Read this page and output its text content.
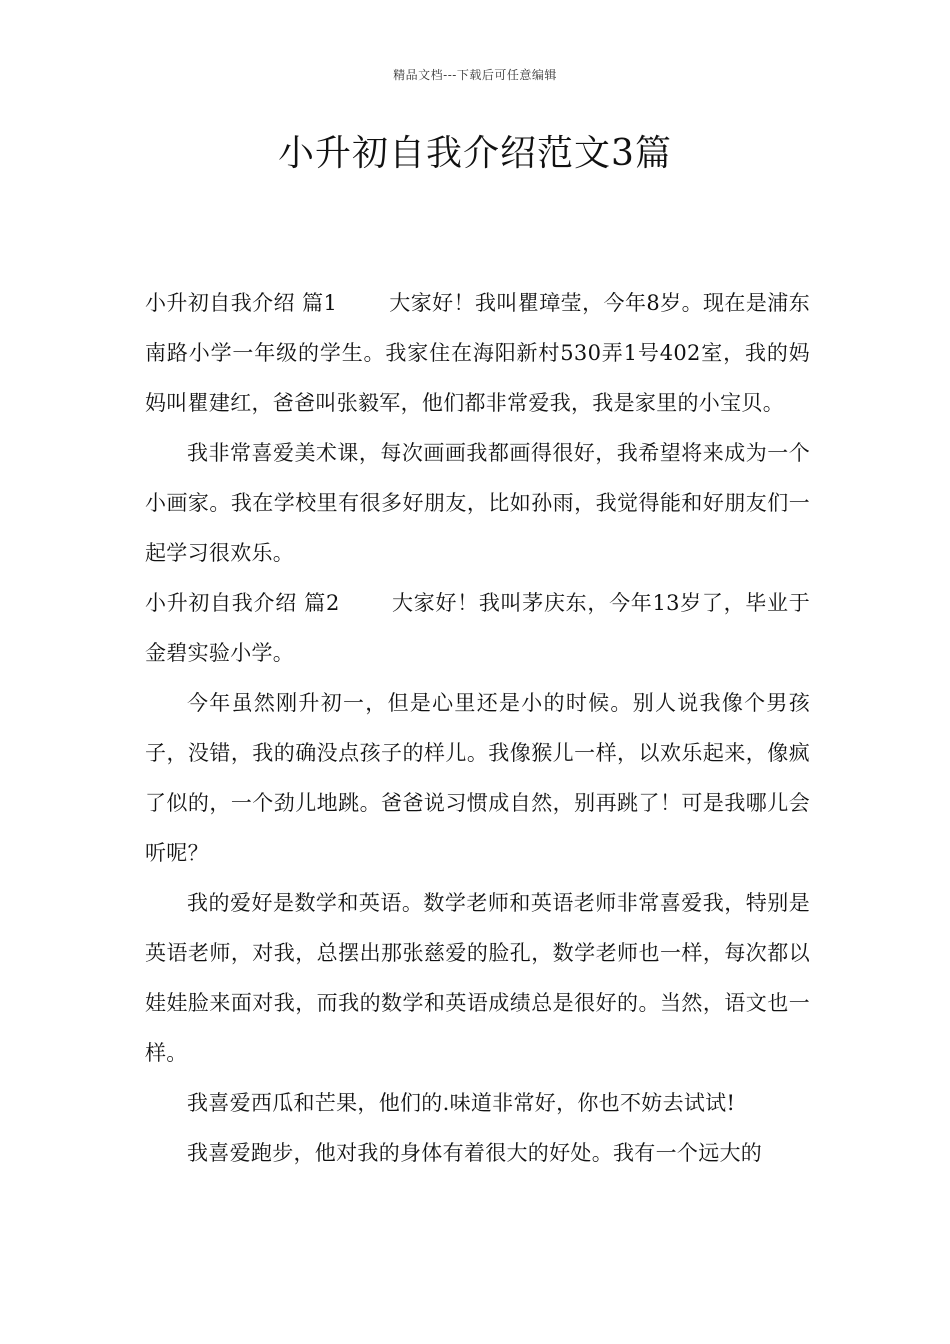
精品文档---下载后可任意编辑
小升初自我介绍范文3篇

小升初自我介绍 篇1 大家好！我叫瞿璋莹，今年8岁。现在是浦东南路小学一年级的学生。我家住在海阳新村530弄1号402室，我的妈妈叫瞿建红，爸爸叫张毅军，他们都非常爱我，我是家里的小宝贝。

我非常喜爱美术课，每次画画我都画得很好，我希望将来成为一个小画家。我在学校里有很多好朋友，比如孙雨，我觉得能和好朋友们一起学习很欢乐。

小升初自我介绍 篇2 大家好！我叫茅庆东，今年13岁了，毕业于金碧实验小学。

今年虽然刚升初一，但是心里还是小的时候。别人说我像个男孩子，没错，我的确没点孩子的样儿。我像猴儿一样，以欢乐起来，像疯了似的，一个劲儿地跳。爸爸说习惯成自然，别再跳了！可是我哪儿会听呢？

我的爱好是数学和英语。数学老师和英语老师非常喜爱我，特别是英语老师，对我，总摆出那张慈爱的脸孔，数学老师也一样，每次都以娃娃脸来面对我，而我的数学和英语成绩总是很好的。当然，语文也一样。

我喜爱西瓜和芒果，他们的.味道非常好，你也不妨去试试!

我喜爱跑步，他对我的身体有着很大的好处。我有一个远大的
